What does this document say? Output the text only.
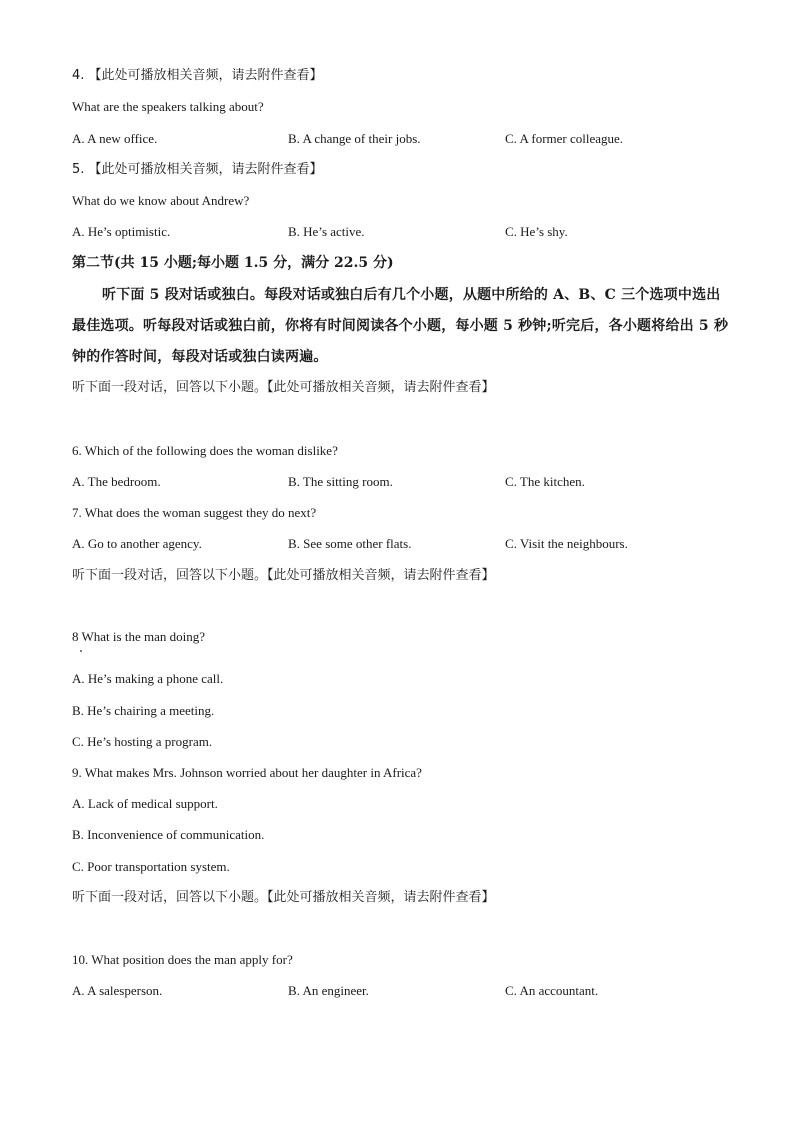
4. 【此处可播放相关音频，请去附件查看】
What are the speakers talking about?
A. A new office.	B. A change of their jobs.	C. A former colleague.
5. 【此处可播放相关音频，请去附件查看】
What do we know about Andrew?
A. He’s optimistic.	B. He’s active.	C. He’s shy.
第二节(共 15 小题;每小题 1.5 分，满分 22.5 分)
听下面 5 段对话或独白。每段对话或独白后有几个小题，从题中所给的 A、B、C 三个选项中选出最佳选项。听每段对话或独白前，你将有时间阅读各个小题，每小题 5 秒钟;听完后，各小题将给出 5 秒钟的作答时间，每段对话或独白读两遍。
听下面一段对话，回答以下小题。【此处可播放相关音频，请去附件查看】
6. Which of the following does the woman dislike?
A. The bedroom.	B. The sitting room.	C. The kitchen.
7. What does the woman suggest they do next?
A. Go to another agency.	B. See some other flats.	C. Visit the neighbours.
听下面一段对话，回答以下小题。【此处可播放相关音频，请去附件查看】
8 What is the man doing?
A. He’s making a phone call.
B. He’s chairing a meeting.
C. He’s hosting a program.
9. What makes Mrs. Johnson worried about her daughter in Africa?
A. Lack of medical support.
B. Inconvenience of communication.
C. Poor transportation system.
听下面一段对话，回答以下小题。【此处可播放相关音频，请去附件查看】
10. What position does the man apply for?
A. A salesperson.	B. An engineer.	C. An accountant.
